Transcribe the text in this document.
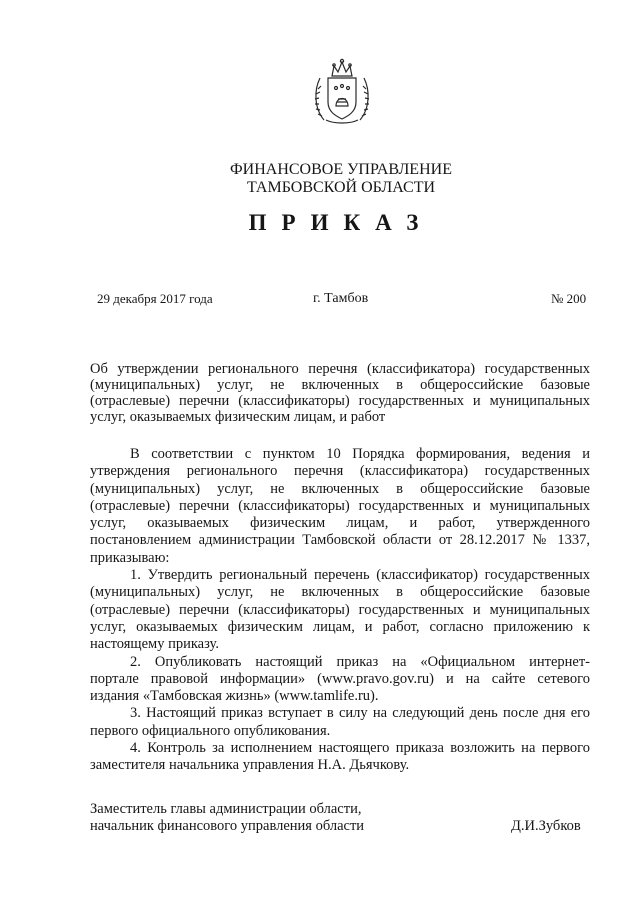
ФИНАНСОВОЕ УПРАВЛЕНИЕ
ТАМБОВСКОЙ ОБЛАСТИ
ПРИКАЗ
29 декабря 2017 года	г. Тамбов	№ 200
Об утверждении регионального перечня (классификатора) государственных
(муниципальных) услуг, не включенных в общероссийские базовые
(отраслевые) перечни (классификаторы) государственных и муниципальных
услуг, оказываемых физическим лицам, и работ
В соответствии с пунктом 10 Порядка формирования, ведения и
утверждения регионального перечня (классификатора) государственных
(муниципальных) услуг, не включенных в общероссийские базовые
(отраслевые) перечни (классификаторы) государственных и муниципальных
услуг, оказываемых физическим лицам, и работ, утвержденного
постановлением администрации Тамбовской области от 28.12.2017 № 1337,
приказываю:
1. Утвердить региональный перечень (классификатор) государственных
(муниципальных) услуг, не включенных в общероссийские базовые
(отраслевые) перечни (классификаторы) государственных и муниципальных
услуг, оказываемых физическим лицам, и работ, согласно приложению к
настоящему приказу.
2. Опубликовать настоящий приказ на «Официальном интернет-
портале правовой информации» (www.pravo.gov.ru) и на сайте сетевого
издания «Тамбовская жизнь» (www.tamlife.ru).
3. Настоящий приказ вступает в силу на следующий день после дня его
первого официального опубликования.
4. Контроль за исполнением настоящего приказа возложить на первого
заместителя начальника управления Н.А. Дьячкову.
Заместитель главы администрации области,
начальник финансового управления области	Д.И.Зубков
